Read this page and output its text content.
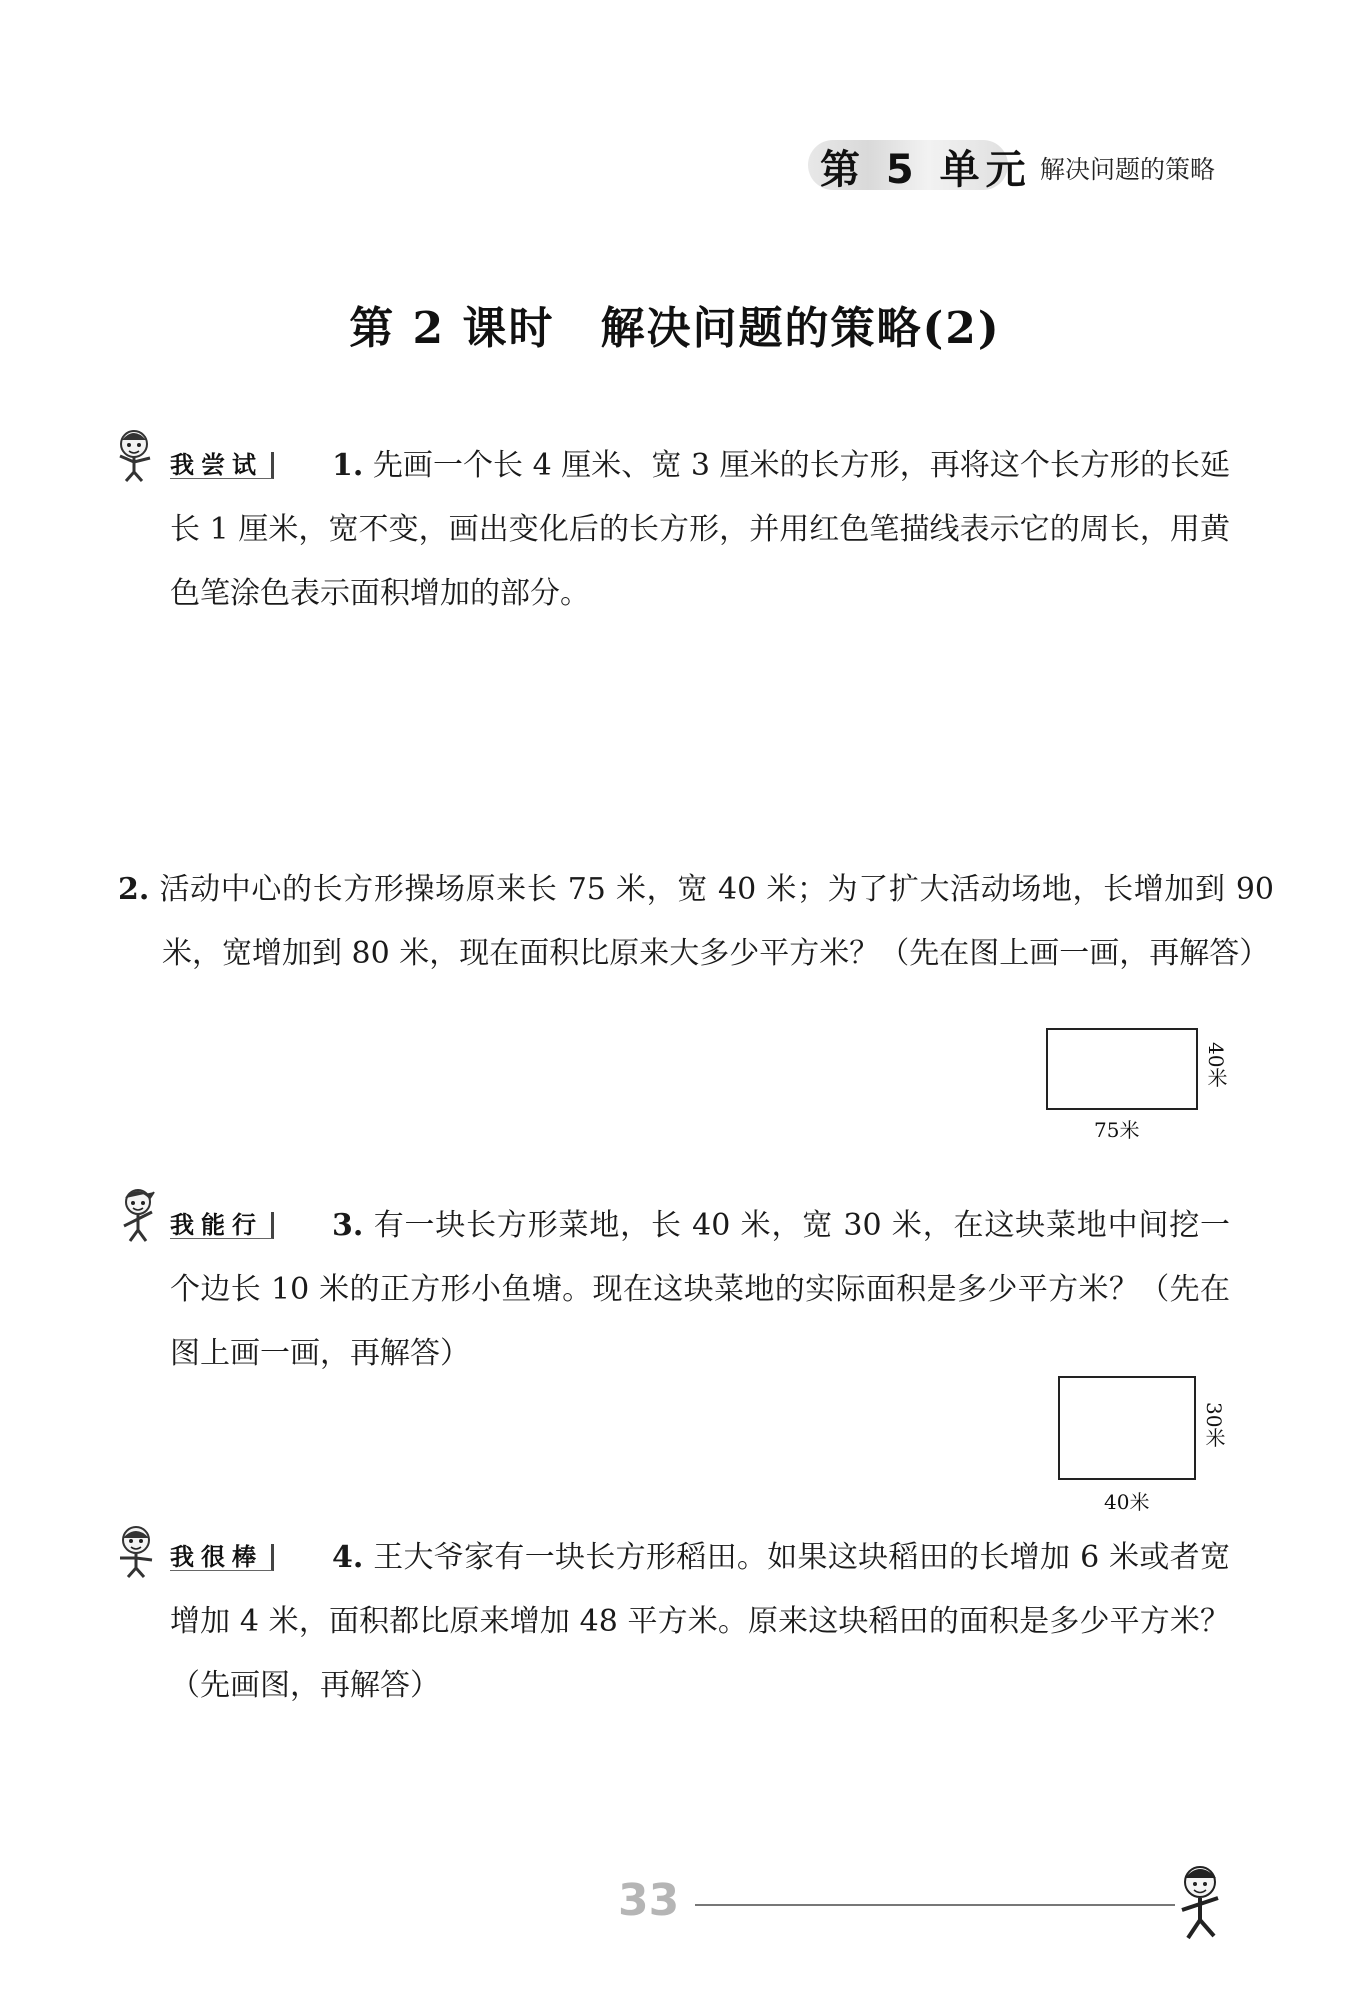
第 5 单元 解决问题的策略
第 2 课时　解决问题的策略(2)
我尝试	1. 先画一个长 4 厘米、宽 3 厘米的长方形，再将这个长方形的长延长 1 厘米，宽不变，画出变化后的长方形，并用红色笔描线表示它的周长，用黄色笔涂色表示面积增加的部分。
2. 活动中心的长方形操场原来长 75 米，宽 40 米；为了扩大活动场地，长增加到 90 米，宽增加到 80 米，现在面积比原来大多少平方米？（先在图上画一画，再解答）
40米
75米
我能行	3. 有一块长方形菜地，长 40 米，宽 30 米，在这块菜地中间挖一个边长 10 米的正方形小鱼塘。现在这块菜地的实际面积是多少平方米？（先在图上画一画，再解答）
30米
40米
我很棒	4. 王大爷家有一块长方形稻田。如果这块稻田的长增加 6 米或者宽增加 4 米，面积都比原来增加 48 平方米。原来这块稻田的面积是多少平方米？（先画图，再解答）
33
